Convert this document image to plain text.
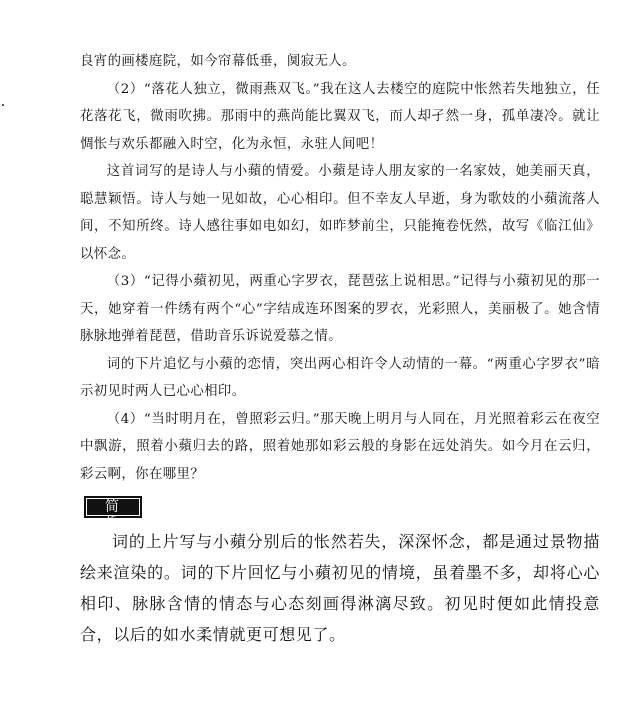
良宵的画楼庭院，如今帘幕低垂，阒寂无人。

（2）“落花人独立，微雨燕双飞。”我在这人去楼空的庭院中怅然若失地独立，任花落花飞，微雨吹拂。那雨中的燕尚能比翼双飞，而人却孑然一身，孤单凄冷。就让惆怅与欢乐都融入时空，化为永恒，永驻人间吧！

这首词写的是诗人与小蘋的情爱。小蘋是诗人朋友家的一名家妓，她美丽天真，聪慧颖悟。诗人与她一见如故，心心相印。但不幸友人早逝，身为歌妓的小蘋流落人间，不知所终。诗人感往事如电如幻，如昨梦前尘，只能掩卷怃然，故写《临江仙》以怀念。

（3）“记得小蘋初见，两重心字罗衣，琵琶弦上说相思。”记得与小蘋初见的那一天，她穿着一件绣有两个“心”字结成连环图案的罗衣，光彩照人，美丽极了。她含情脉脉地弹着琵琶，借助音乐诉说爱慕之情。

词的下片追忆与小蘋的恋情，突出两心相许令人动情的一幕。“两重心字罗衣”暗示初见时两人已心心相印。

（4）“当时明月在，曾照彩云归。”那天晚上明月与人同在，月光照着彩云在夜空中飘游，照着小蘋归去的路，照着她那如彩云般的身影在远处消失。如今月在云归，彩云啊，你在哪里？

简 析

词的上片写与小蘋分别后的怅然若失，深深怀念，都是通过景物描绘来渲染的。词的下片回忆与小蘋初见的情境，虽着墨不多，却将心心相印、脉脉含情的情态与心态刻画得淋漓尽致。初见时便如此情投意合，以后的如水柔情就更可想见了。
